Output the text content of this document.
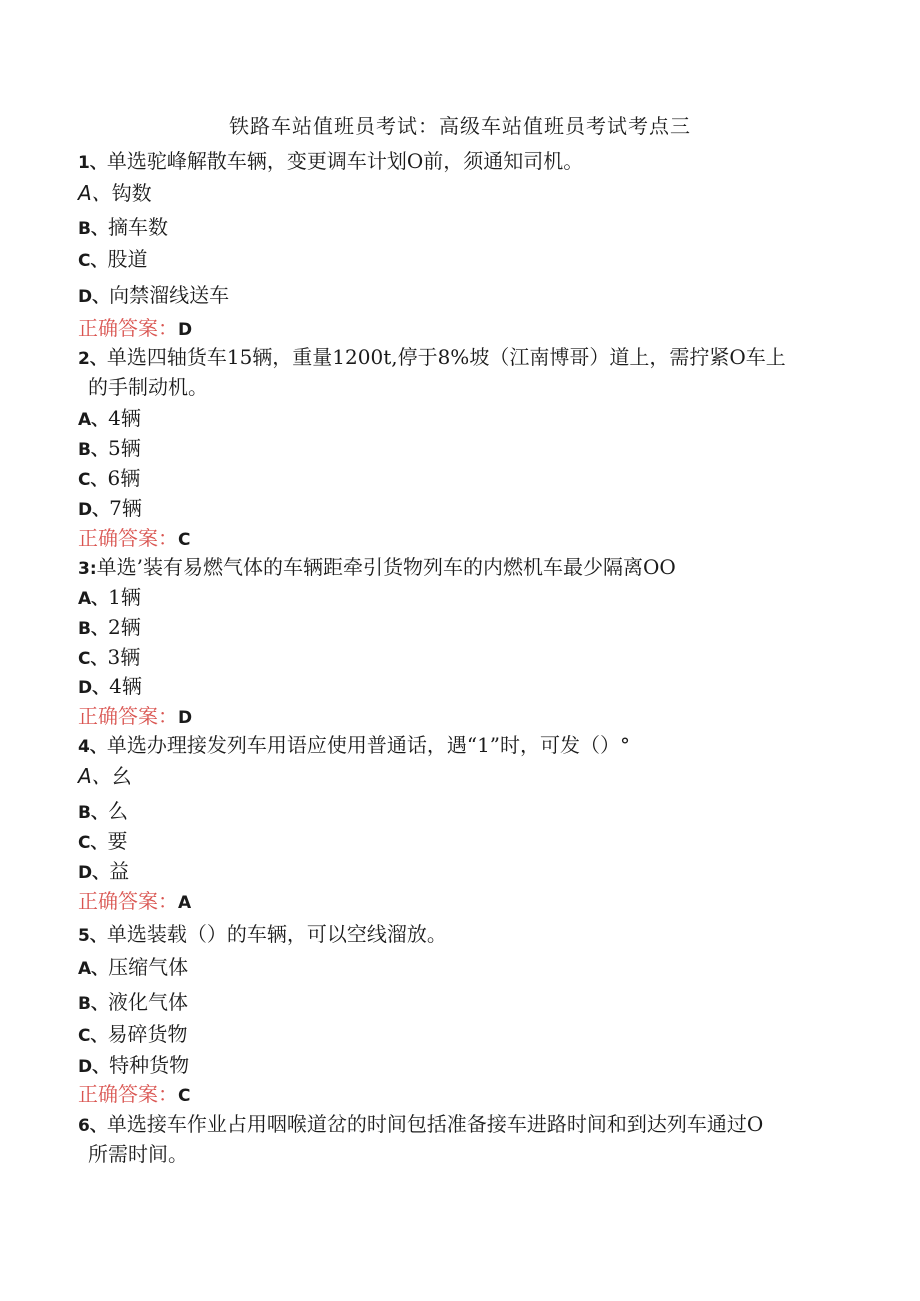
铁路车站值班员考试：高级车站值班员考试考点三
1、单选驼峰解散车辆，变更调车计划O前，须通知司机。
A、钩数
B、摘车数
C、股道
D、向禁溜线送车
正确答案：D
2、单选四轴货车15辆，重量1200t,停于8%坡（江南博哥）道上，需拧紧O车上
的手制动机。
A、4辆
B、5辆
C、6辆
D、7辆
正确答案：C
3:单选’装有易燃气体的车辆距牵引货物列车的内燃机车最少隔离OO
A、1辆
B、2辆
C、3辆
D、4辆
正确答案：D
4、单选办理接发列车用语应使用普通话，遇“1”时，可发（）°
A、幺
B、么
C、要
D、益
正确答案：A
5、单选装载（）的车辆，可以空线溜放。
A、压缩气体
B、液化气体
C、易碎货物
D、特种货物
正确答案：C
6、单选接车作业占用咽喉道岔的时间包括准备接车进路时间和到达列车通过O
所需时间。
